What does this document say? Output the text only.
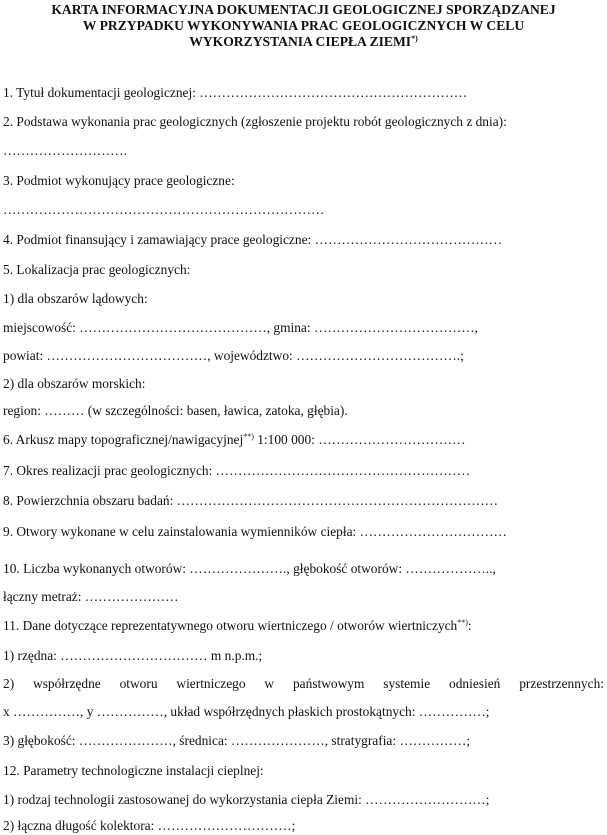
KARTA INFORMACYJNA DOKUMENTACJI GEOLOGICZNEJ SPORZĄDZANEJ
W PRZYPADKU WYKONYWANIA PRAC GEOLOGICZNYCH W CELU
WYKORZYSTANIA CIEPŁA ZIEMI*)
1. Tytuł dokumentacji geologicznej: ……………………………………………………
2. Podstawa wykonania prac geologicznych (zgłoszenie projektu robót geologicznych z dnia):
……………………….
3. Podmiot wykonujący prace geologiczne:
………………………………………………………………
4. Podmiot finansujący i zamawiający prace geologiczne: ……………………………………
5. Lokalizacja prac geologicznych:
1) dla obszarów lądowych:
miejscowość: ……………………………………, gmina: ………………………………,
powiat: ………………………………, województwo: ……………………………….;
2) dla obszarów morskich:
region: ……… (w szczególności: basen, ławica, zatoka, głębia).
6. Arkusz mapy topograficznej/nawigacyjnej**) 1:100 000: ……………………………
7. Okres realizacji prac geologicznych: …………………………………………………
8. Powierzchnia obszaru badań: ………………………………………………………………
9. Otwory wykonane w celu zainstalowania wymienników ciepła: ……………………………
10. Liczba wykonanych otworów: …………………., głębokość otworów: ………………..,
łączny metraż: …………………
11. Dane dotyczące reprezentatywnego otworu wiertniczego / otworów wiertniczych**):
1) rzędna: …………………………… m n.p.m.;
2) współrzędne otworu wiertniczego w państwowym systemie odniesień przestrzennych:
x ……………, y ……………, układ współrzędnych płaskich prostokątnych: ……………;
3) głębokość: …………………, średnica: …………………, stratygrafia: ……………;
12. Parametry technologiczne instalacji cieplnej:
1) rodzaj technologii zastosowanej do wykorzystania ciepła Ziemi: ………………………;
2) łączna długość kolektora: …………………………;
